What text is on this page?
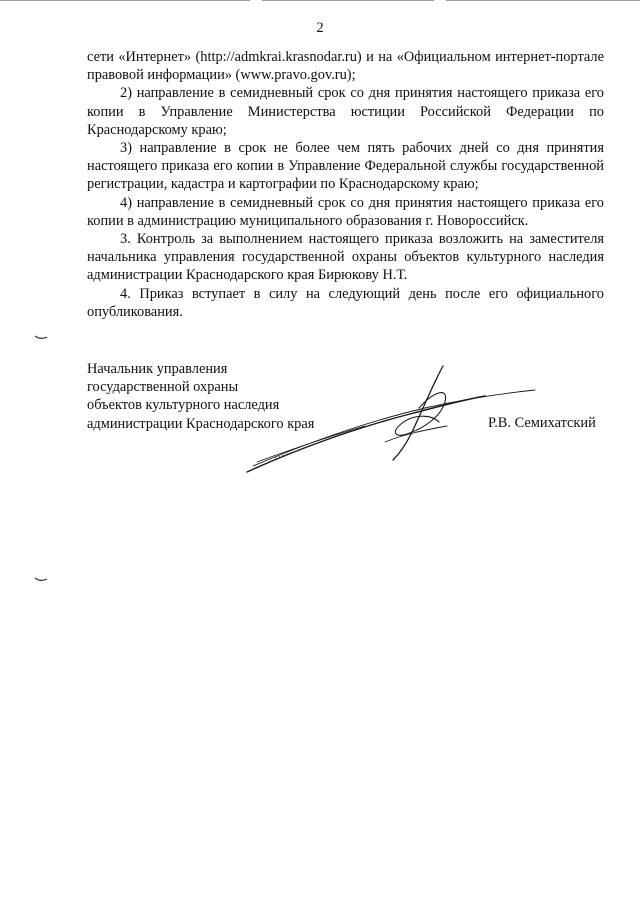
2

сети «Интернет» (http://admkrai.krasnodar.ru) и на «Официальном интернет-портале правовой информации» (www.pravo.gov.ru);

2) направление в семидневный срок со дня принятия настоящего приказа его копии в Управление Министерства юстиции Российской Федерации по Краснодарскому краю;

3) направление в срок не более чем пять рабочих дней со дня принятия настоящего приказа его копии в Управление Федеральной службы государственной регистрации, кадастра и картографии по Краснодарскому краю;

4) направление в семидневный срок со дня принятия настоящего приказа его копии в администрацию муниципального образования г. Новороссийск.

3. Контроль за выполнением настоящего приказа возложить на заместителя начальника управления государственной охраны объектов культурного наследия администрации Краснодарского края Бирюкову Н.Т.

4. Приказ вступает в силу на следующий день после его официального опубликования.

Начальник управления
государственной охраны
объектов культурного наследия
администрации Краснодарского края	Р.В. Семихатский
